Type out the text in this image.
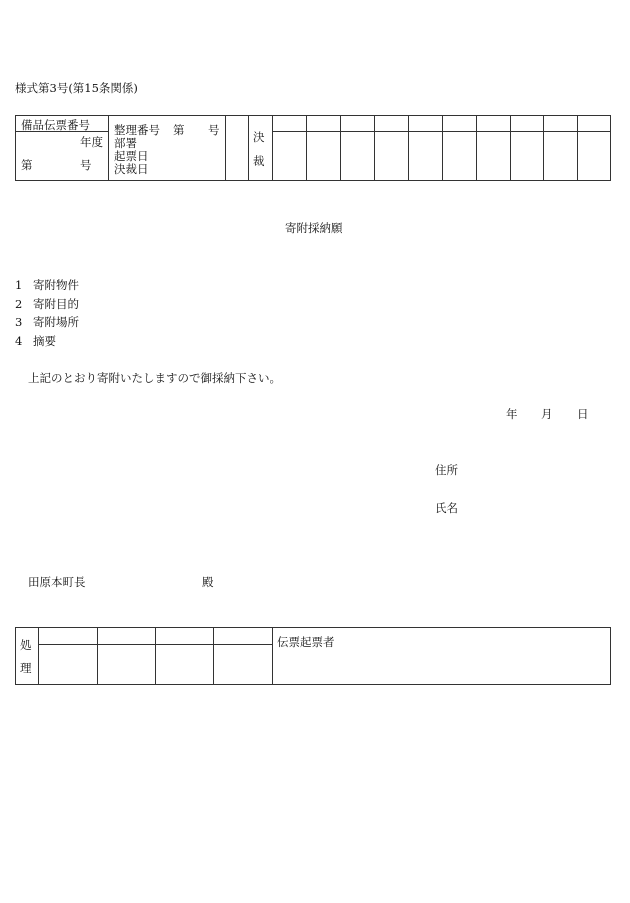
様式第3号(第15条関係)
備品伝票番号
年度
第	号
整理番号 第 号
部署
起票日
決裁日
決
裁
寄附採納願
1 寄附物件
2 寄附目的
3 寄附場所
4 摘要
上記のとおり寄附いたしますので御採納下さい。
年 月 日
住所
氏名
田原本町長	殿
処
理
伝票起票者
